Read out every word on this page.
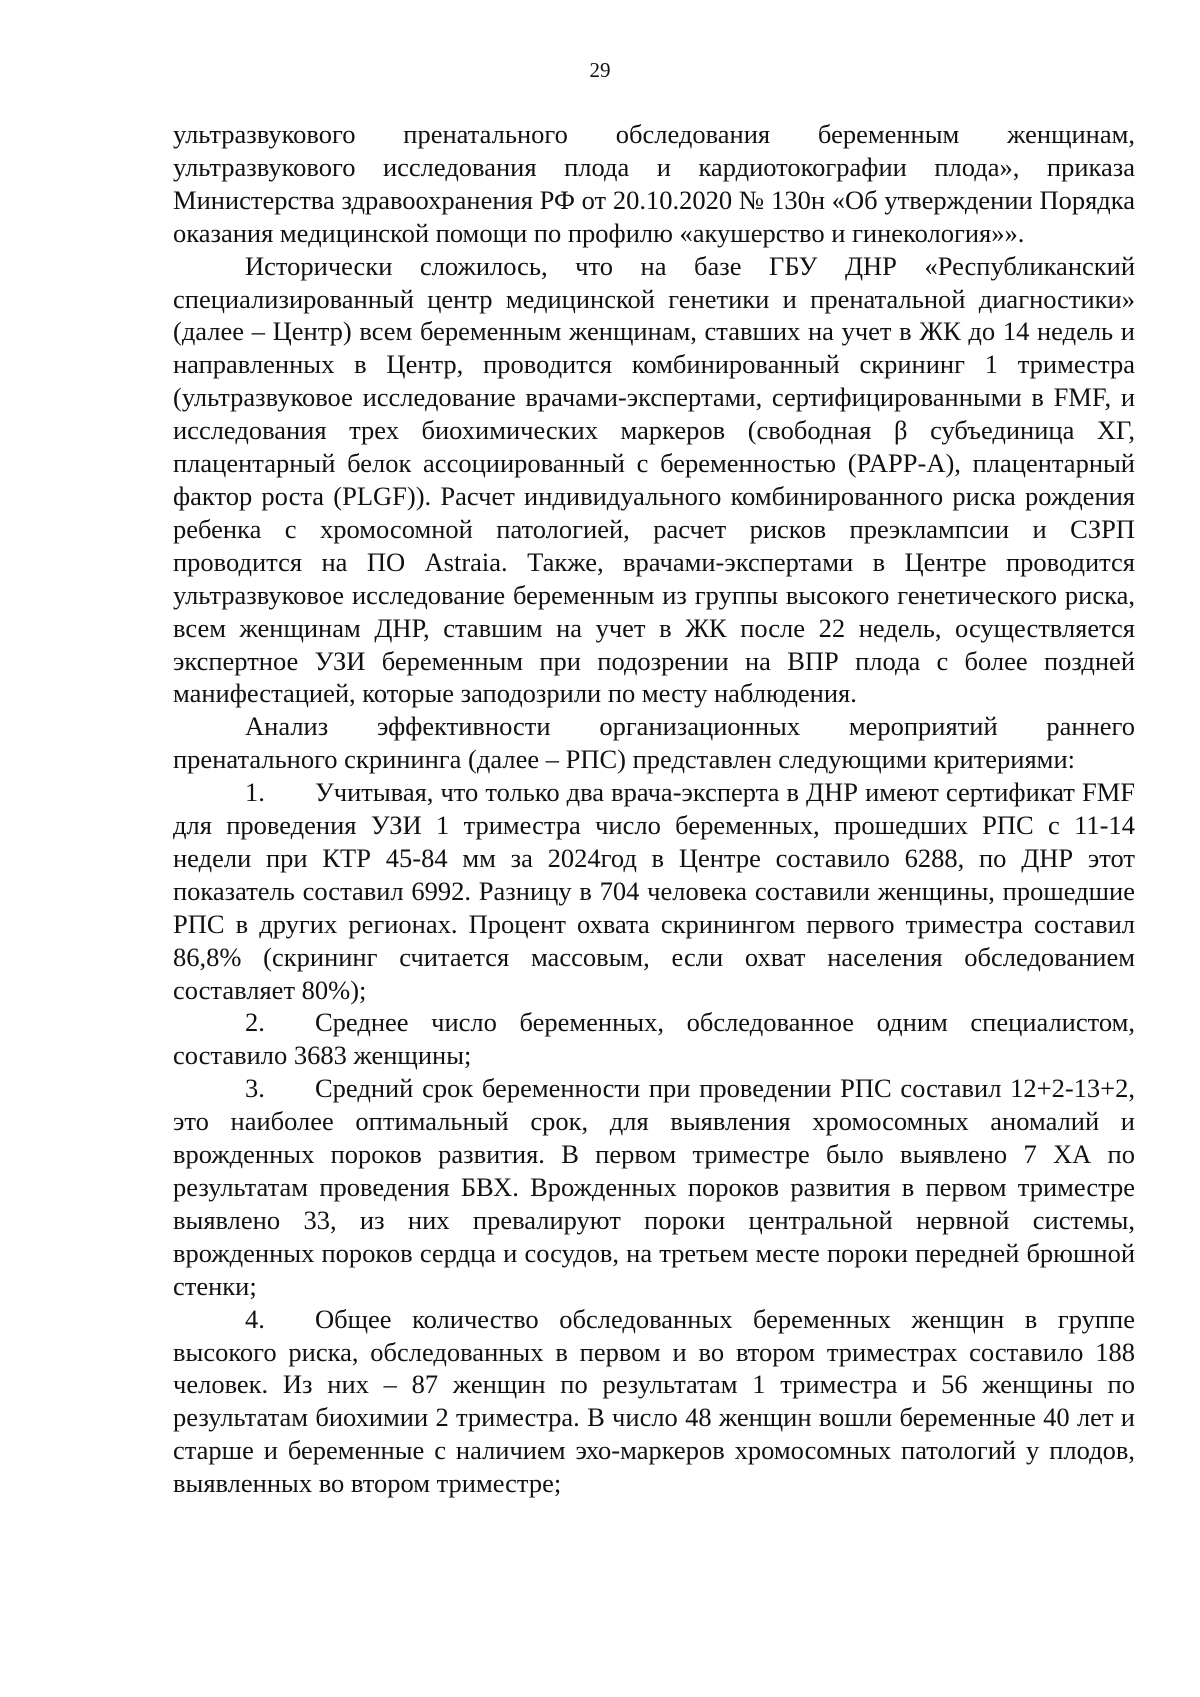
29

ультразвукового пренатального обследования беременным женщинам, ультразвукового исследования плода и кардиотокографии плода», приказа Министерства здравоохранения РФ от 20.10.2020 № 130н «Об утверждении Порядка оказания медицинской помощи по профилю «акушерство и гинекология»».

Исторически сложилось, что на базе ГБУ ДНР «Республиканский специализированный центр медицинской генетики и пренатальной диагностики» (далее – Центр) всем беременным женщинам, ставших на учет в ЖК до 14 недель и направленных в Центр, проводится комбинированный скрининг 1 триместра (ультразвуковое исследование врачами-экспертами, сертифицированными в FMF, и исследования трех биохимических маркеров (свободная β субъединица ХГ, плацентарный белок ассоциированный с беременностью (PAPP-A), плацентарный фактор роста (PLGF)). Расчет индивидуального комбинированного риска рождения ребенка с хромосомной патологией, расчет рисков преэклампсии и СЗРП проводится на ПО Astraia. Также, врачами-экспертами в Центре проводится ультразвуковое исследование беременным из группы высокого генетического риска, всем женщинам ДНР, ставшим на учет в ЖК после 22 недель, осуществляется экспертное УЗИ беременным при подозрении на ВПР плода с более поздней манифестацией, которые заподозрили по месту наблюдения.

Анализ эффективности организационных мероприятий раннего пренатального скрининга (далее – РПС) представлен следующими критериями:

1. Учитывая, что только два врача-эксперта в ДНР имеют сертификат FMF для проведения УЗИ 1 триместра число беременных, прошедших РПС с 11-14 недели при КТР 45-84 мм за 2024год в Центре составило 6288, по ДНР этот показатель составил 6992. Разницу в 704 человека составили женщины, прошедшие РПС в других регионах. Процент охвата скринингом первого триместра составил 86,8% (скрининг считается массовым, если охват населения обследованием составляет 80%);

2. Среднее число беременных, обследованное одним специалистом, составило 3683 женщины;

3. Средний срок беременности при проведении РПС составил 12+2-13+2, это наиболее оптимальный срок, для выявления хромосомных аномалий и врожденных пороков развития. В первом триместре было выявлено 7 ХА по результатам проведения БВХ. Врожденных пороков развития в первом триместре выявлено 33, из них превалируют пороки центральной нервной системы, врожденных пороков сердца и сосудов, на третьем месте пороки передней брюшной стенки;

4. Общее количество обследованных беременных женщин в группе высокого риска, обследованных в первом и во втором триместрах составило 188 человек. Из них – 87 женщин по результатам 1 триместра и 56 женщины по результатам биохимии 2 триместра. В число 48 женщин вошли беременные 40 лет и старше и беременные с наличием эхо-маркеров хромосомных патологий у плодов, выявленных во втором триместре;
